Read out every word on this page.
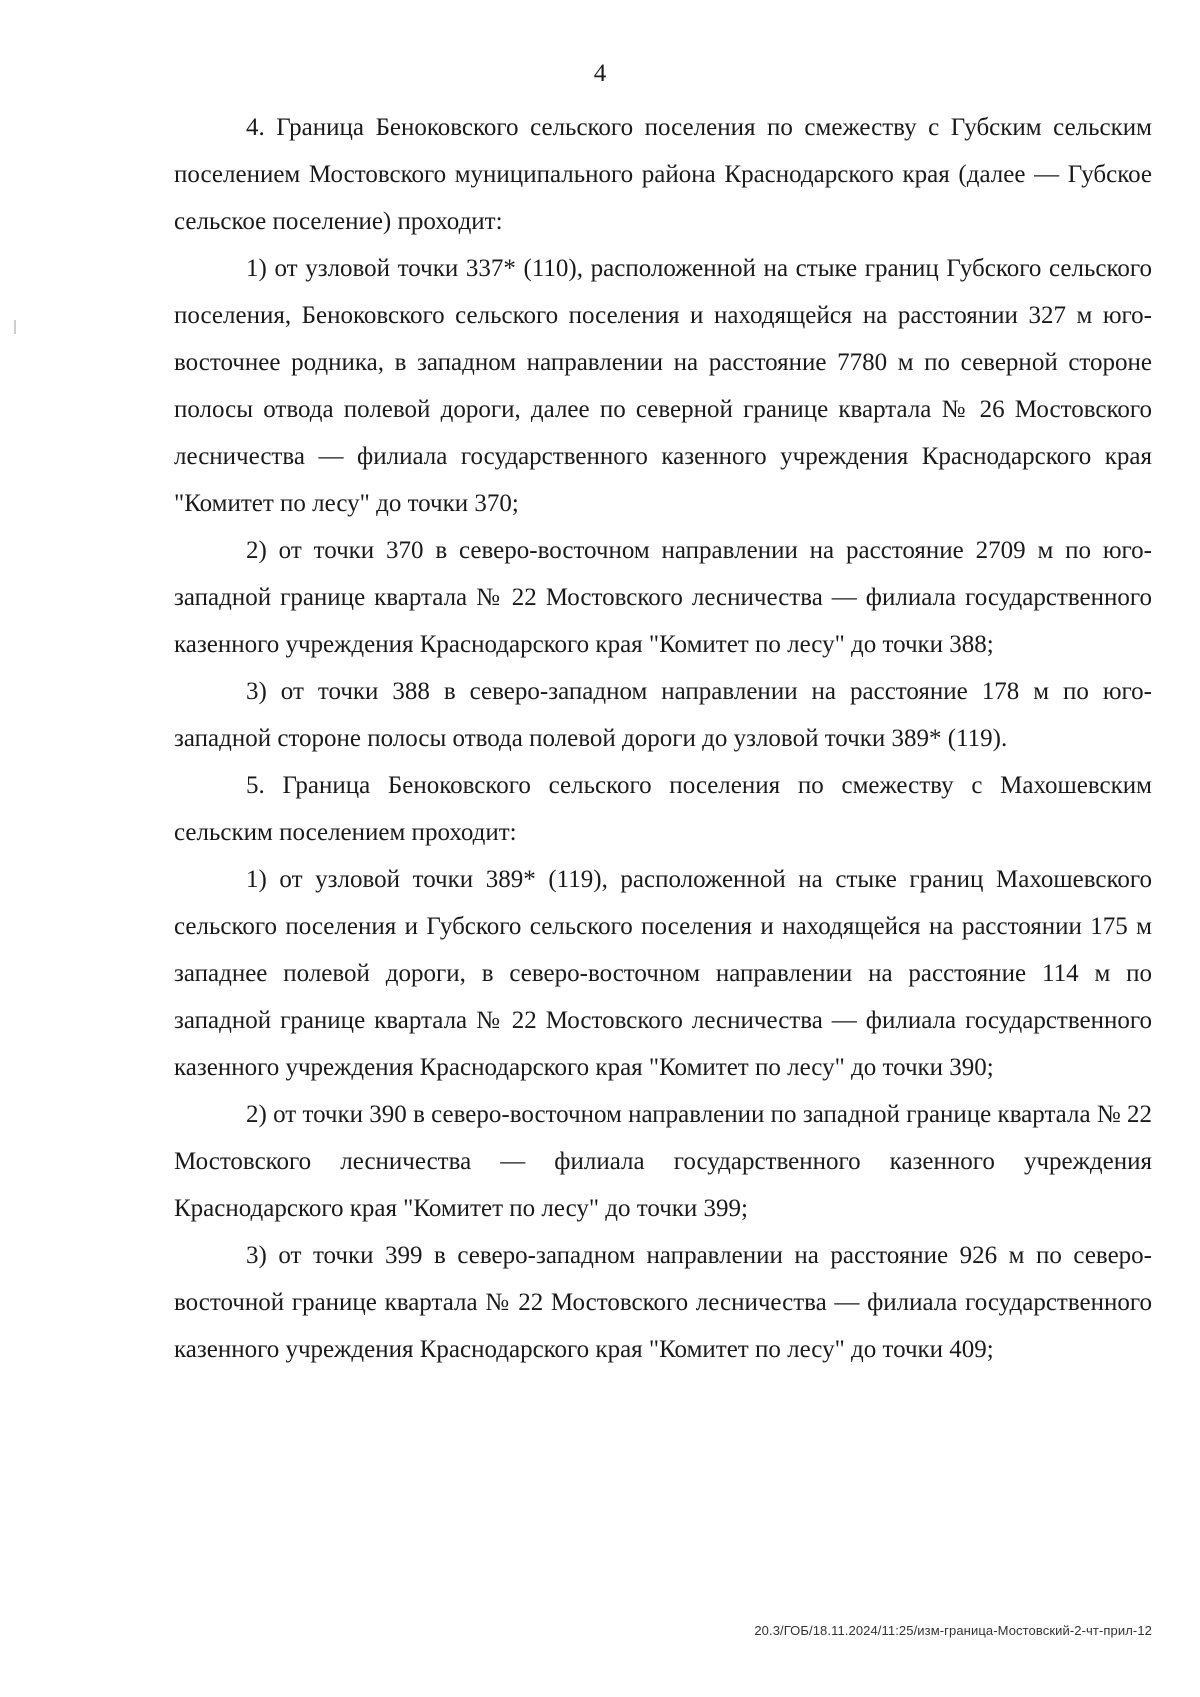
4

4. Граница Беноковского сельского поселения по смежеству с Губским сельским поселением Мостовского муниципального района Краснодарского края (далее — Губское сельское поселение) проходит:

1) от узловой точки 337* (110), расположенной на стыке границ Губского сельского поселения, Беноковского сельского поселения и находящейся на расстоянии 327 м юго-восточнее родника, в западном направлении на расстояние 7780 м по северной стороне полосы отвода полевой дороги, далее по северной границе квартала № 26 Мостовского лесничества — филиала государственного казенного учреждения Краснодарского края "Комитет по лесу" до точки 370;

2) от точки 370 в северо-восточном направлении на расстояние 2709 м по юго-западной границе квартала № 22 Мостовского лесничества — филиала государственного казенного учреждения Краснодарского края "Комитет по лесу" до точки 388;

3) от точки 388 в северо-западном направлении на расстояние 178 м по юго-западной стороне полосы отвода полевой дороги до узловой точки 389* (119).

5. Граница Беноковского сельского поселения по смежеству с Махошевским сельским поселением проходит:

1) от узловой точки 389* (119), расположенной на стыке границ Махошевского сельского поселения и Губского сельского поселения и находящейся на расстоянии 175 м западнее полевой дороги, в северо-восточном направлении на расстояние 114 м по западной границе квартала № 22 Мостовского лесничества — филиала государственного казенного учреждения Краснодарского края "Комитет по лесу" до точки 390;

2) от точки 390 в северо-восточном направлении по западной границе квартала № 22 Мостовского лесничества — филиала государственного казенного учреждения Краснодарского края "Комитет по лесу" до точки 399;

3) от точки 399 в северо-западном направлении на расстояние 926 м по северо-восточной границе квартала № 22 Мостовского лесничества — филиала государственного казенного учреждения Краснодарского края "Комитет по лесу" до точки 409;

20.3/ГОБ/18.11.2024/11:25/изм-граница-Мостовский-2-чт-прил-12
